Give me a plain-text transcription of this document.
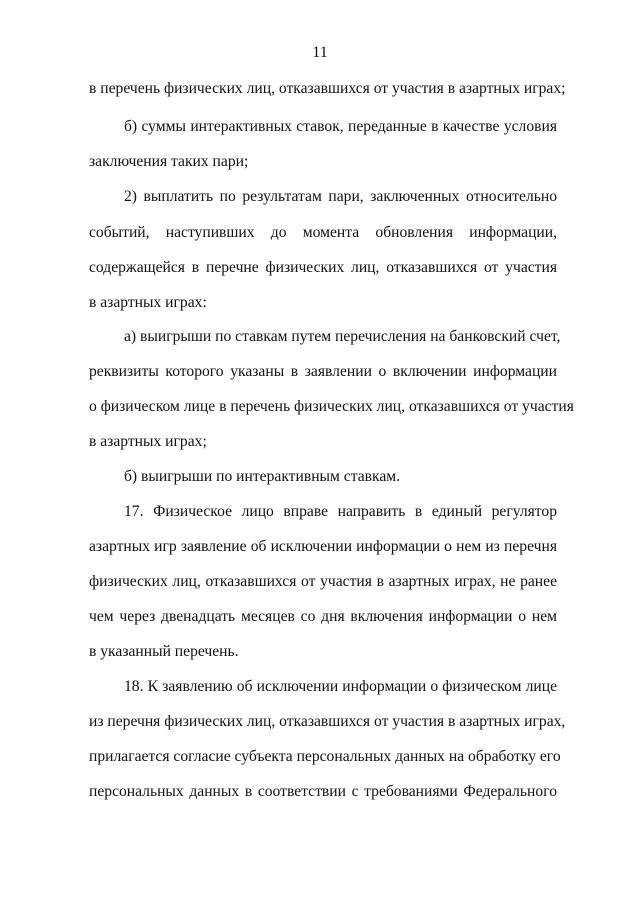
11
в перечень физических лиц, отказавшихся от участия в азартных играх;
б) суммы интерактивных ставок, переданные в качестве условия
заключения таких пари;
2) выплатить по результатам пари, заключенных относительно
событий, наступивших до момента обновления информации,
содержащейся в перечне физических лиц, отказавшихся от участия
в азартных играх:
а) выигрыши по ставкам путем перечисления на банковский счет,
реквизиты которого указаны в заявлении о включении информации
о физическом лице в перечень физических лиц, отказавшихся от участия
в азартных играх;
б) выигрыши по интерактивным ставкам.
17. Физическое лицо вправе направить в единый регулятор
азартных игр заявление об исключении информации о нем из перечня
физических лиц, отказавшихся от участия в азартных играх, не ранее
чем через двенадцать месяцев со дня включения информации о нем
в указанный перечень.
18. К заявлению об исключении информации о физическом лице
из перечня физических лиц, отказавшихся от участия в азартных играх,
прилагается согласие субъекта персональных данных на обработку его
персональных данных в соответствии с требованиями Федерального
